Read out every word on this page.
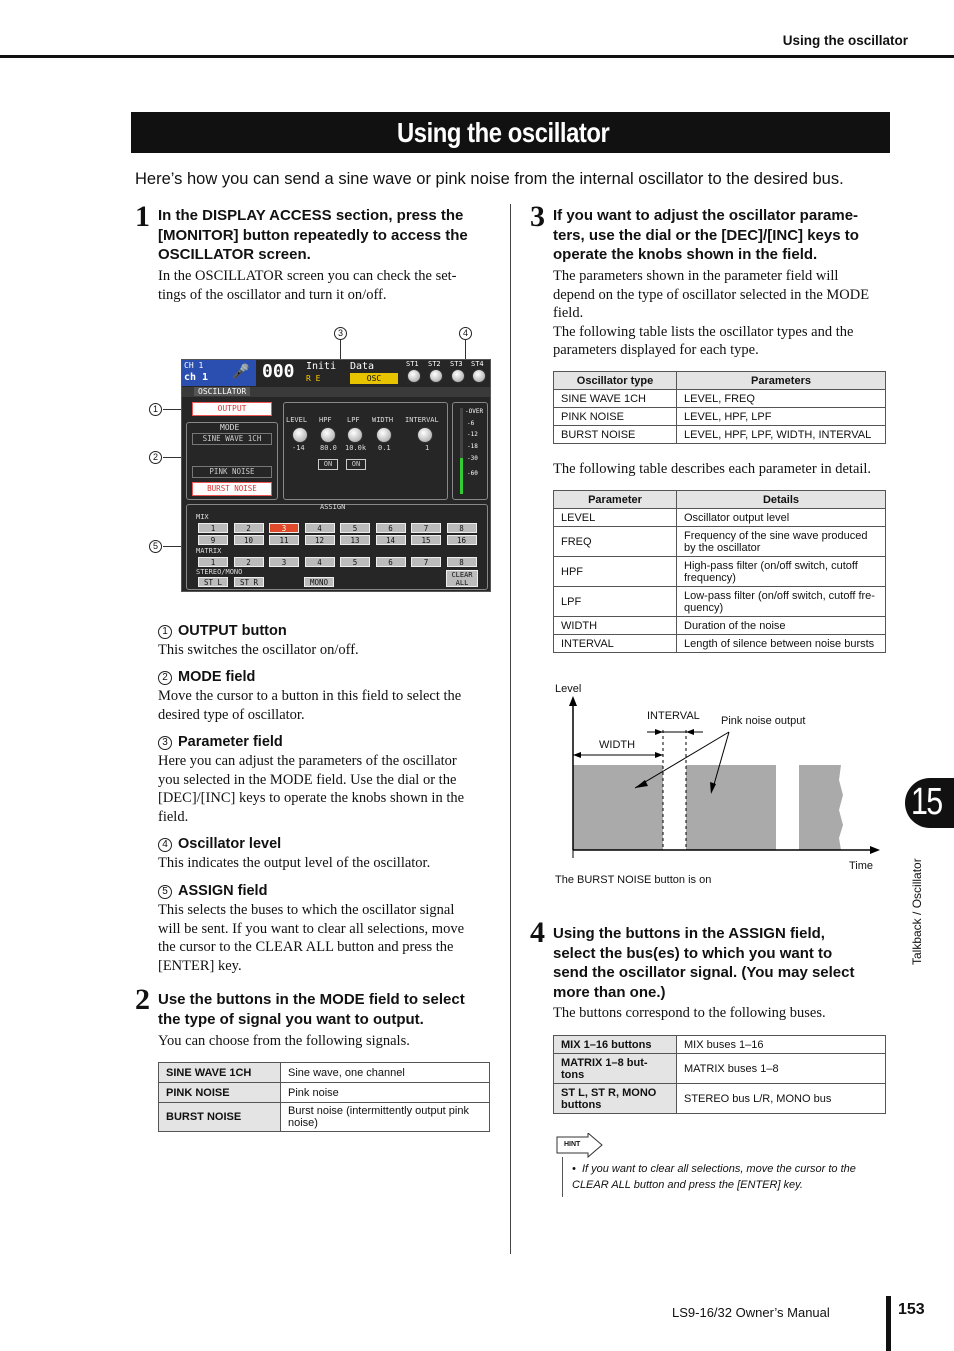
Using the oscillator
Using the oscillator
Here’s how you can send a sine wave or pink noise from the internal oscillator to the desired bus.
1 In the DISPLAY ACCESS section, press the
[MONITOR] button repeatedly to access the
OSCILLATOR screen.
In the OSCILLATOR screen you can check the set-
tings of the oscillator and turn it on/off.
3	4
1
2
5
CH 1
ch 1 🎤 000 Initi
R E
Data
OSC
ST1 ST2 ST3 ST4
OSCILLATOR
OUTPUT
MODE
SINE WAVE 1CH
PINK NOISE
BURST NOISE
LEVEL HPF LPF WIDTH INTERVAL
-14 80.0 10.0k 0.1	1
ON	ON
-OVER
-6
-12
-18
-30
-60
ASSIGN
MIX
MATRIX
STEREO/MONO
ST L	ST R	MONO
CLEAR
ALL
1	2	3	4	5	6	7	8
9	10	11	12	13	14	15	16
1	2	3	4	5	6	7	8
1 OUTPUT button
This switches the oscillator on/off.
2 MODE field
Move the cursor to a button in this field to select the
desired type of oscillator.
3 Parameter field
Here you can adjust the parameters of the oscillator
you selected in the MODE field. Use the dial or the
[DEC]/[INC] keys to operate the knobs shown in the
field.
4 Oscillator level
This indicates the output level of the oscillator.
5 ASSIGN field
This selects the buses to which the oscillator signal
will be sent. If you want to clear all selections, move
the cursor to the CLEAR ALL button and press the
[ENTER] key.
2 Use the buttons in the MODE field to select
the type of signal you want to output.
You can choose from the following signals.
SINE WAVE 1CH	Sine wave, one channel
PINK NOISE	Pink noise
BURST NOISE	Burst noise (intermittently output pink noise)
3 If you want to adjust the oscillator parame-
ters, use the dial or the [DEC]/[INC] keys to
operate the knobs shown in the field.
The parameters shown in the parameter field will
depend on the type of oscillator selected in the MODE
field.
The following table lists the oscillator types and the
parameters displayed for each type.
Oscillator type	Parameters
SINE WAVE 1CH	LEVEL, FREQ
PINK NOISE	LEVEL, HPF, LPF
BURST NOISE	LEVEL, HPF, LPF, WIDTH, INTERVAL
The following table describes each parameter in detail.
Parameter	Details
LEVEL	Oscillator output level
FREQ	Frequency of the sine wave produced by the oscillator
HPF	High-pass filter (on/off switch, cutoff frequency)
LPF	Low-pass filter (on/off switch, cutoff fre-quency)
WIDTH	Duration of the noise
INTERVAL	Length of silence between noise bursts
Level
INTERVAL Pink noise output
WIDTH
Time
The BURST NOISE button is on
4 Using the buttons in the ASSIGN field,
select the bus(es) to which you want to
send the oscillator signal. (You may select
more than one.)
The buttons correspond to the following buses.
MIX 1–16 buttons	MIX buses 1–16
MATRIX 1–8 but-tons	MATRIX buses 1–8
ST L, ST R, MONO buttons	STEREO bus L/R, MONO bus
HINT
•  If you want to clear all selections, move the cursor to the CLEAR ALL button and press the [ENTER] key.
15
Talkback / Oscillator
LS9-16/32 Owner’s Manual	153
